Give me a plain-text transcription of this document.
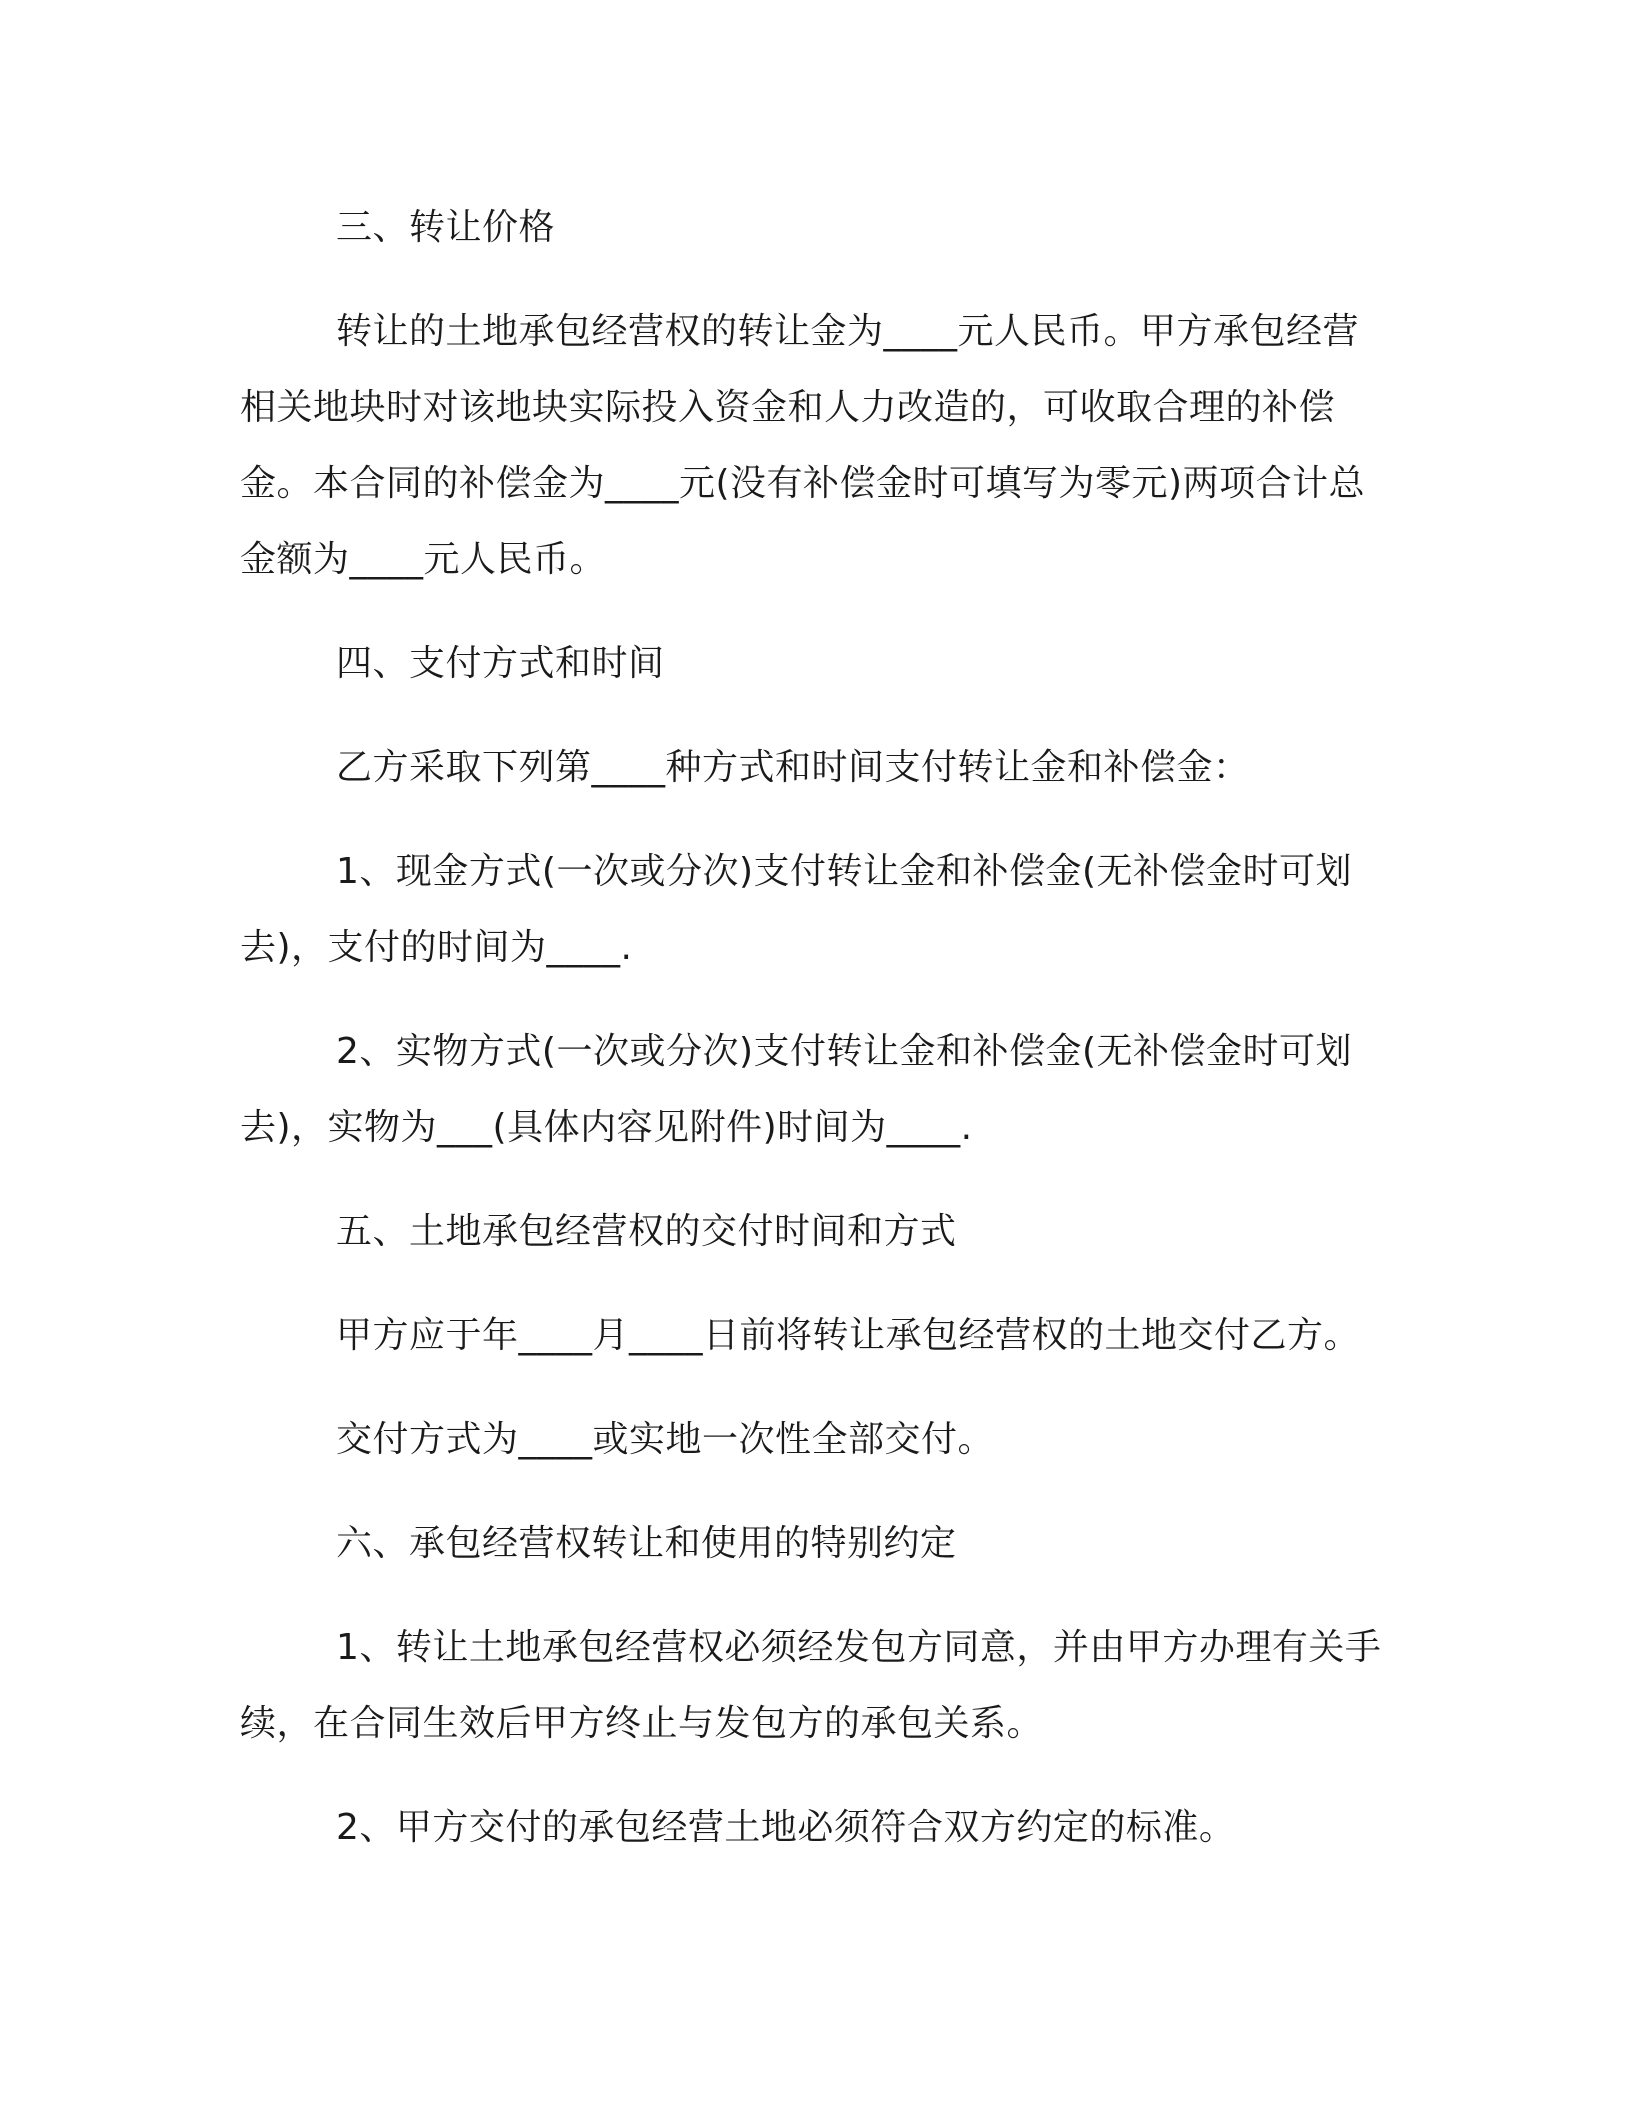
三、转让价格

转让的土地承包经营权的转让金为____元人民币。甲方承包经营相关地块时对该地块实际投入资金和人力改造的，可收取合理的补偿金。本合同的补偿金为____元(没有补偿金时可填写为零元)两项合计总金额为____元人民币。

四、支付方式和时间

乙方采取下列第____种方式和时间支付转让金和补偿金：

1、现金方式(一次或分次)支付转让金和补偿金(无补偿金时可划去)，支付的时间为____.

2、实物方式(一次或分次)支付转让金和补偿金(无补偿金时可划去)，实物为___(具体内容见附件)时间为____.

五、土地承包经营权的交付时间和方式

甲方应于年____月____日前将转让承包经营权的土地交付乙方。

交付方式为____或实地一次性全部交付。

六、承包经营权转让和使用的特别约定

1、转让土地承包经营权必须经发包方同意，并由甲方办理有关手续，在合同生效后甲方终止与发包方的承包关系。

2、甲方交付的承包经营土地必须符合双方约定的标准。
